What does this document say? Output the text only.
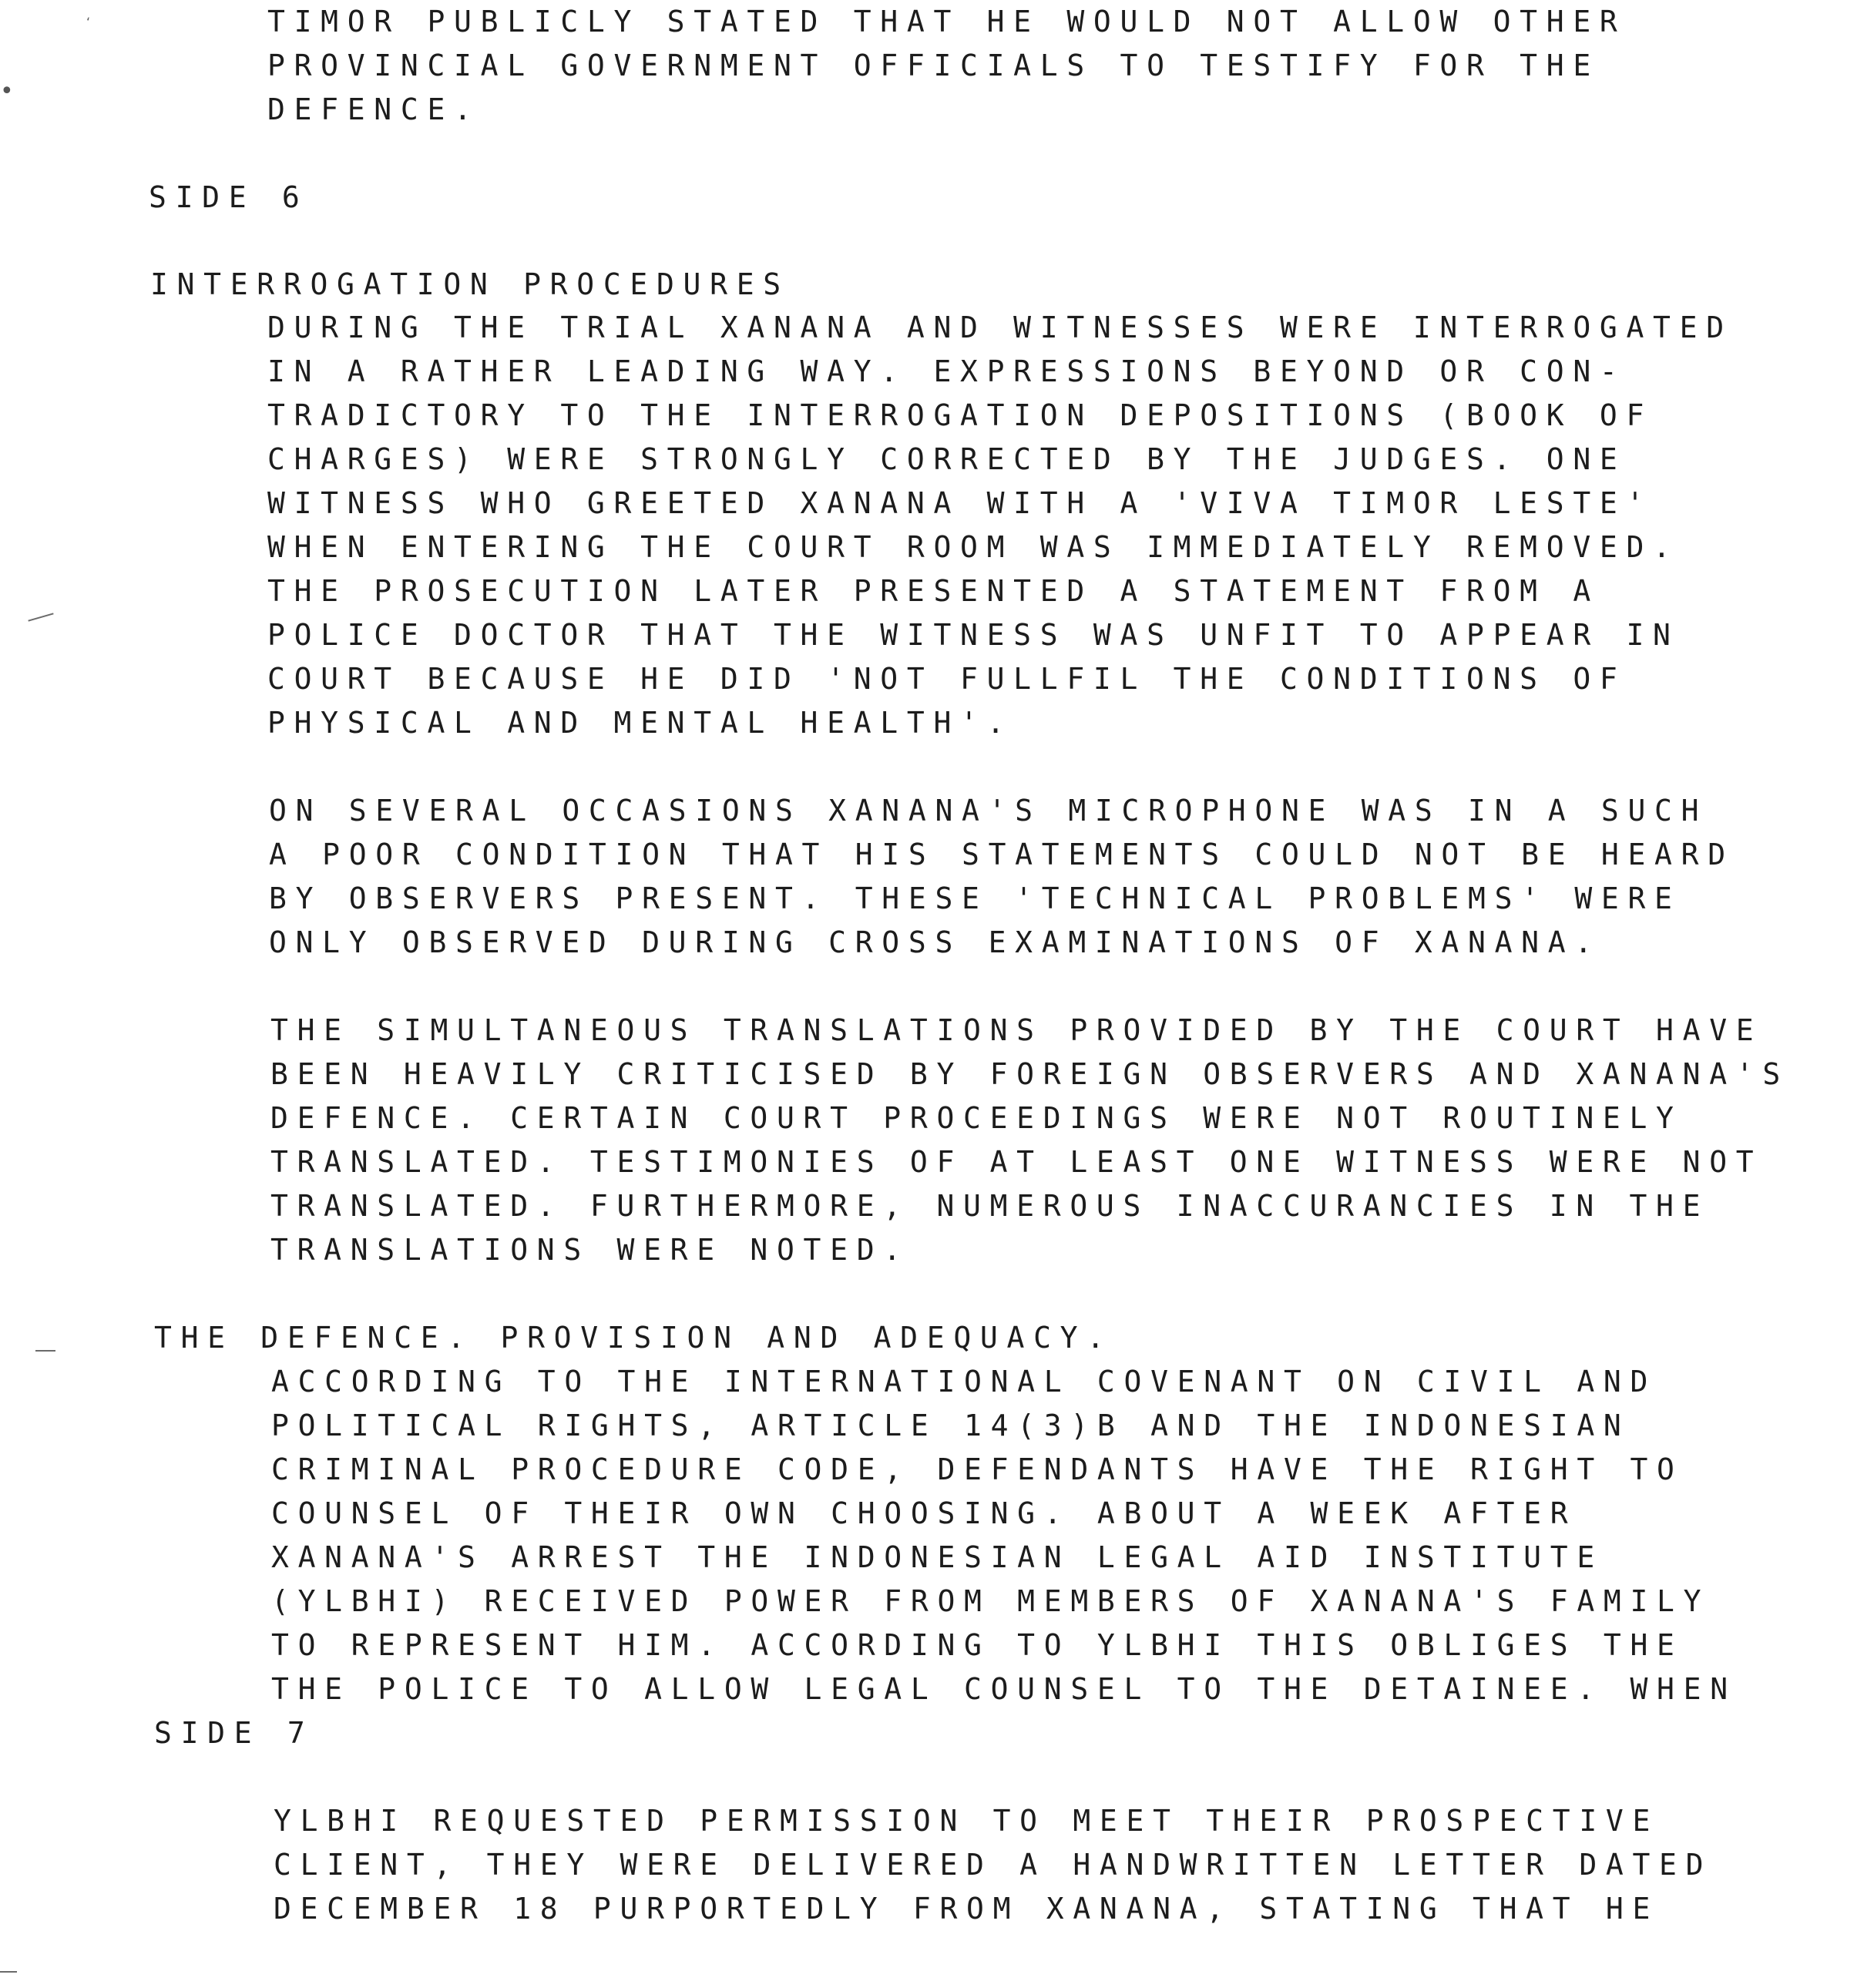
‘
•
TIMOR PUBLICLY STATED THAT HE WOULD NOT ALLOW OTHER
PROVINCIAL GOVERNMENT OFFICIALS TO TESTIFY FOR THE
DEFENCE.
SIDE 6
INTERROGATION PROCEDURES
DURING THE TRIAL XANANA AND WITNESSES WERE INTERROGATED
IN A RATHER LEADING WAY. EXPRESSIONS BEYOND OR CON-
TRADICTORY TO THE INTERROGATION DEPOSITIONS (BOOK OF
CHARGES) WERE STRONGLY CORRECTED BY THE JUDGES. ONE
WITNESS WHO GREETED XANANA WITH A 'VIVA TIMOR LESTE'
WHEN ENTERING THE COURT ROOM WAS IMMEDIATELY REMOVED.
THE PROSECUTION LATER PRESENTED A STATEMENT FROM A
POLICE DOCTOR THAT THE WITNESS WAS UNFIT TO APPEAR IN
COURT BECAUSE HE DID 'NOT FULLFIL THE CONDITIONS OF
PHYSICAL AND MENTAL HEALTH'.
ON SEVERAL OCCASIONS XANANA'S MICROPHONE WAS IN A SUCH
A POOR CONDITION THAT HIS STATEMENTS COULD NOT BE HEARD
BY OBSERVERS PRESENT. THESE 'TECHNICAL PROBLEMS' WERE
ONLY OBSERVED DURING CROSS EXAMINATIONS OF XANANA.
THE SIMULTANEOUS TRANSLATIONS PROVIDED BY THE COURT HAVE
BEEN HEAVILY CRITICISED BY FOREIGN OBSERVERS AND XANANA'S
DEFENCE. CERTAIN COURT PROCEEDINGS WERE NOT ROUTINELY
TRANSLATED. TESTIMONIES OF AT LEAST ONE WITNESS WERE NOT
TRANSLATED. FURTHERMORE, NUMEROUS INACCURANCIES IN THE
TRANSLATIONS WERE NOTED.
THE DEFENCE. PROVISION AND ADEQUACY.
ACCORDING TO THE INTERNATIONAL COVENANT ON CIVIL AND
POLITICAL RIGHTS, ARTICLE 14(3)B AND THE INDONESIAN
CRIMINAL PROCEDURE CODE, DEFENDANTS HAVE THE RIGHT TO
COUNSEL OF THEIR OWN CHOOSING. ABOUT A WEEK AFTER
XANANA'S ARREST THE INDONESIAN LEGAL AID INSTITUTE
(YLBHI) RECEIVED POWER FROM MEMBERS OF XANANA'S FAMILY
TO REPRESENT HIM. ACCORDING TO YLBHI THIS OBLIGES THE
THE POLICE TO ALLOW LEGAL COUNSEL TO THE DETAINEE. WHEN
SIDE 7
YLBHI REQUESTED PERMISSION TO MEET THEIR PROSPECTIVE
CLIENT, THEY WERE DELIVERED A HANDWRITTEN LETTER DATED
DECEMBER 18 PURPORTEDLY FROM XANANA, STATING THAT HE
